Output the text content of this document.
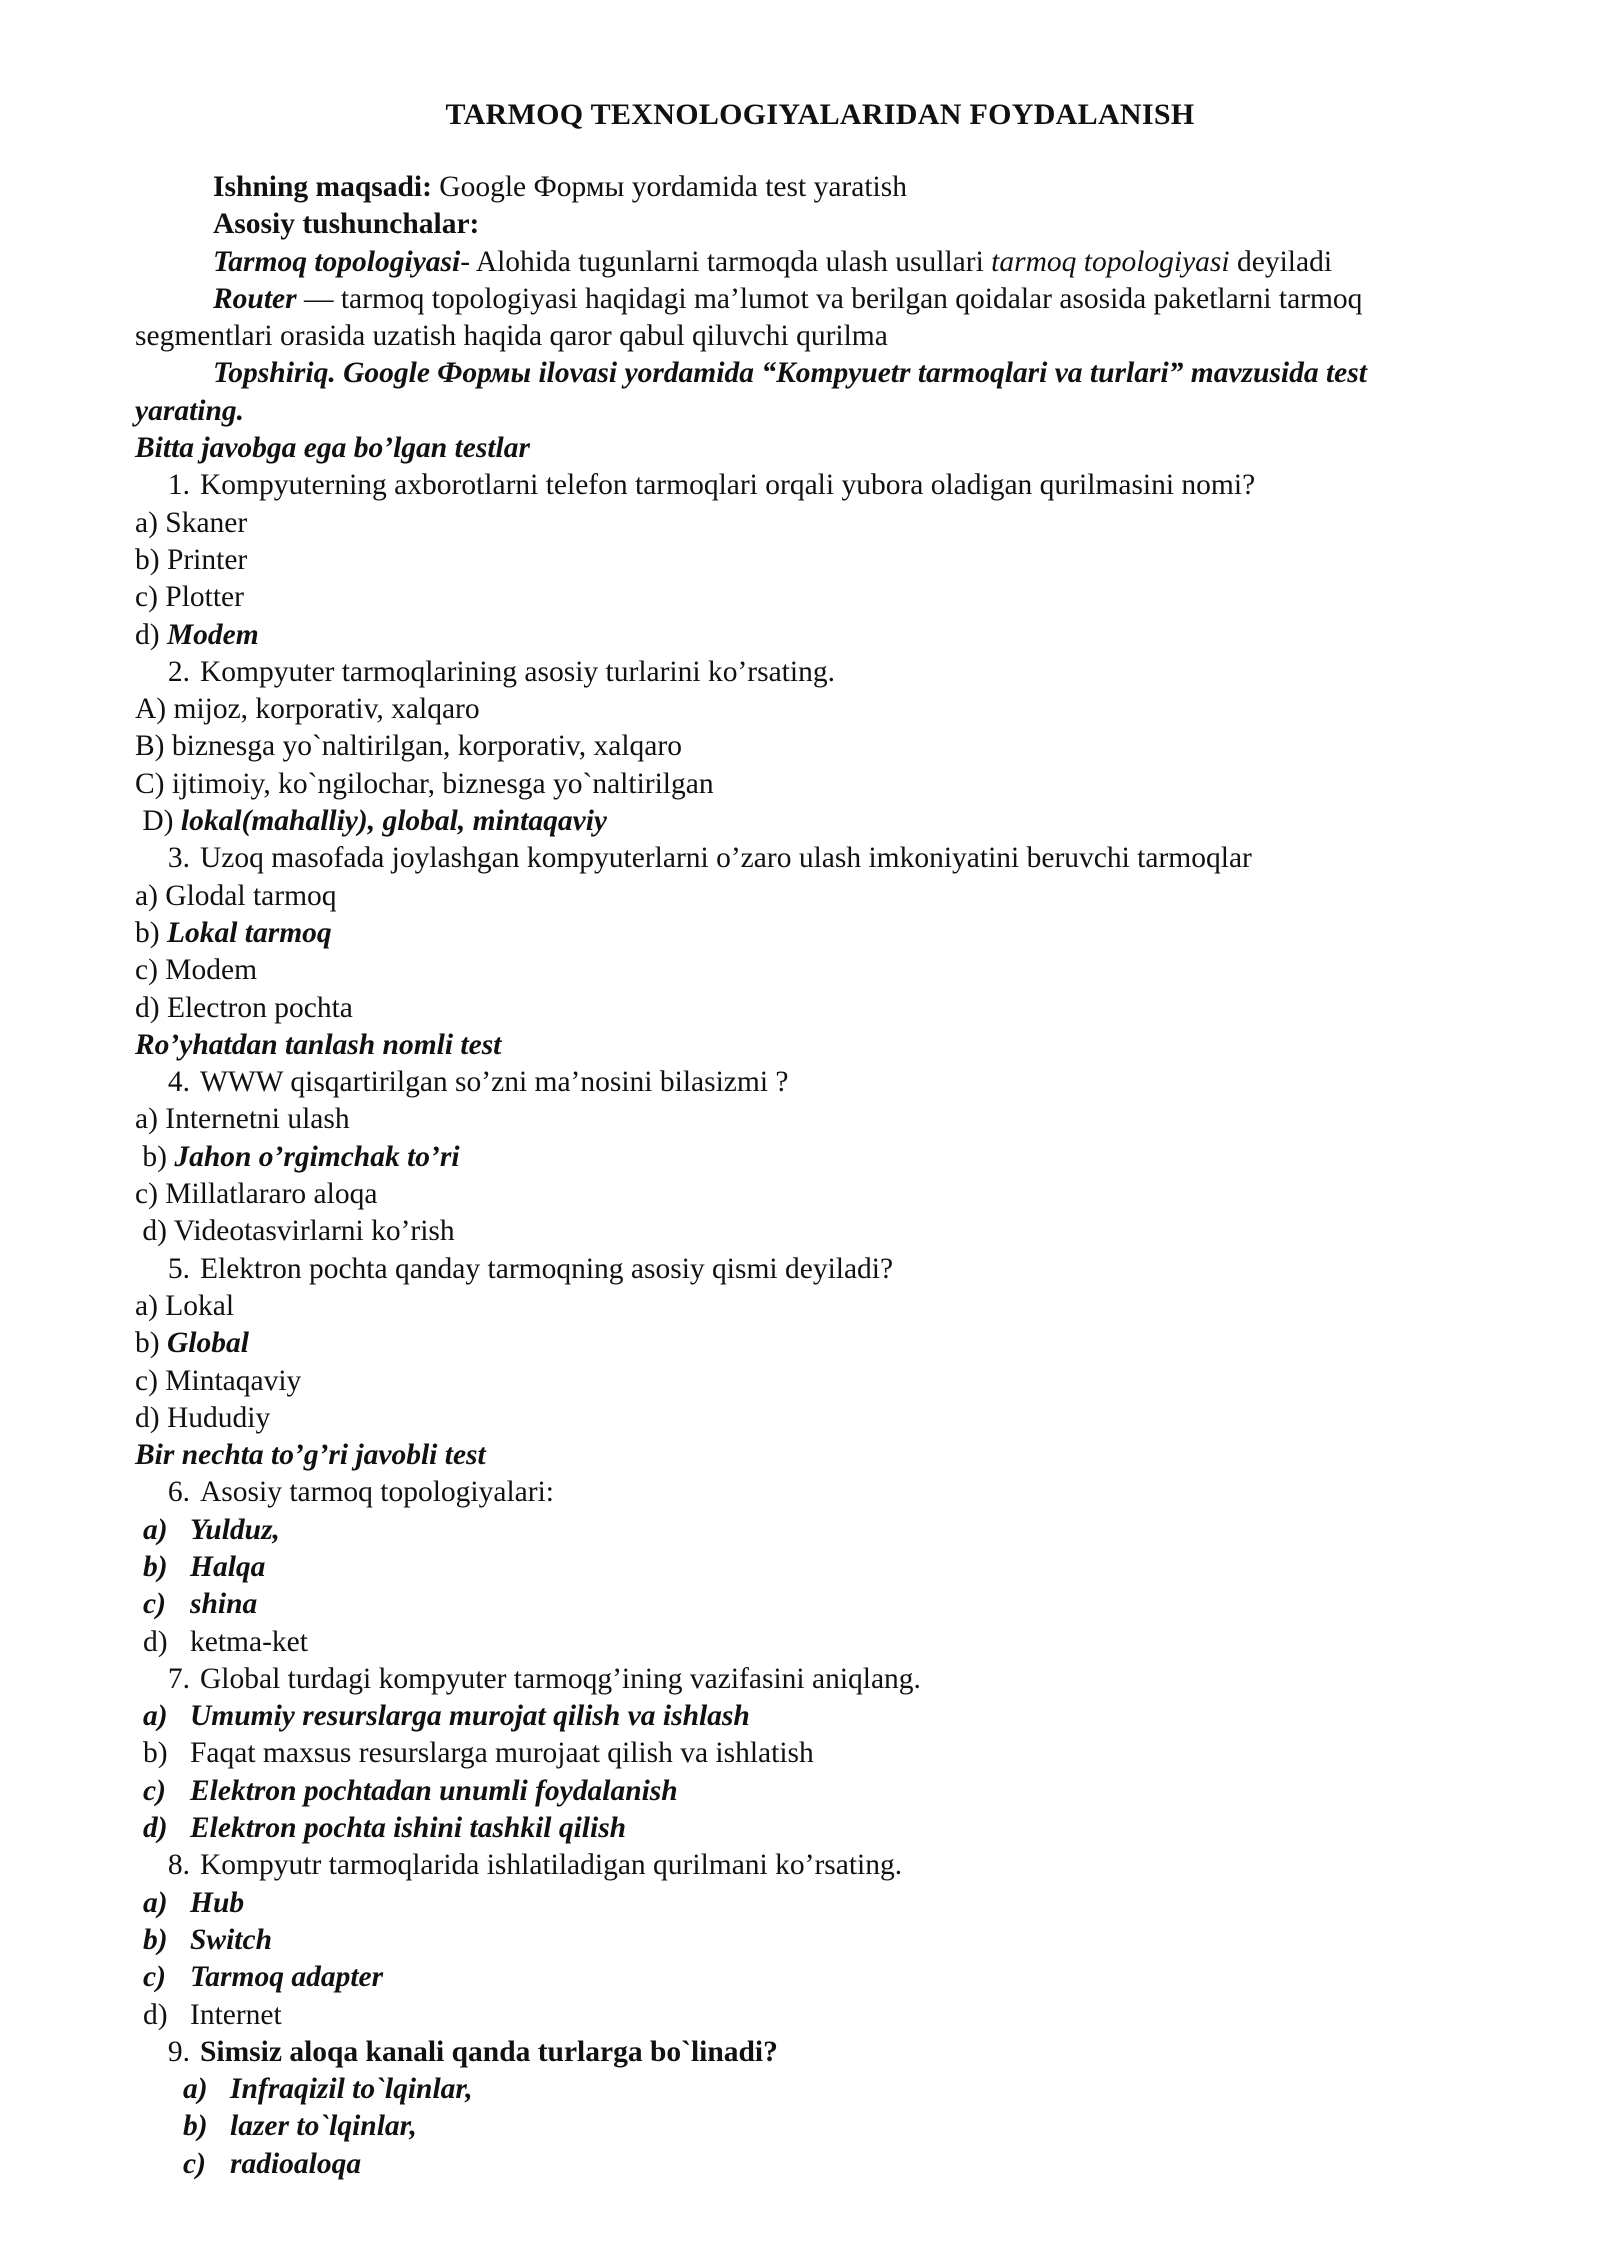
TARMOQ TEXNOLOGIYALARIDAN FOYDALANISH
Ishning maqsadi: Google Формы yordamida test yaratish
Asosiy tushunchalar:
Tarmoq topologiyasi- Alohida tugunlarni tarmoqda ulash usullari tarmoq topologiyasi deyiladi
Router — tarmoq topologiyasi haqidagi ma’lumot va berilgan qoidalar asosida paketlarni tarmoq
segmentlari orasida uzatish haqida qaror qabul qiluvchi qurilma
Topshiriq. Google Формы ilovasi yordamida “Kompyuetr tarmoqlari va turlari” mavzusida test
yarating.
Bitta javobga ega bo’lgan testlar
1. Kompyuterning axborotlarni telefon tarmoqlari orqali yubora oladigan qurilmasini nomi?
a) Skaner
b) Printer
c) Plotter
d) Modem
2. Kompyuter tarmoqlarining asosiy turlarini ko’rsating.
A) mijoz, korporativ, xalqaro
B) biznesga yo`naltirilgan, korporativ, xalqaro
C) ijtimoiy, ko`ngilochar, biznesga yo`naltirilgan
D) lokal(mahalliy), global, mintaqaviy
3. Uzoq masofada joylashgan kompyuterlarni o’zaro ulash imkoniyatini beruvchi tarmoqlar
a) Glodal tarmoq
b) Lokal tarmoq
c) Modem
d) Electron pochta
Ro’yhatdan tanlash nomli test
4. WWW qisqartirilgan so’zni ma’nosini bilasizmi ?
a) Internetni ulash
b) Jahon o’rgimchak to’ri
c) Millatlararo aloqa
d) Videotasvirlarni ko’rish
5. Elektron pochta qanday tarmoqning asosiy qismi deyiladi?
a) Lokal
b) Global
c) Mintaqaviy
d) Hududiy
Bir nechta to’g’ri javobli test
6. Asosiy tarmoq topologiyalari:
a) Yulduz,
b) Halqa
c) shina
d) ketma-ket
7. Global turdagi kompyuter tarmoqg’ining vazifasini aniqlang.
a) Umumiy resurslarga murojat qilish va ishlash
b) Faqat maxsus resurslarga murojaat qilish va ishlatish
c) Elektron pochtadan unumli foydalanish
d) Elektron pochta ishini tashkil qilish
8. Kompyutr tarmoqlarida ishlatiladigan qurilmani ko’rsating.
a) Hub
b) Switch
c) Tarmoq adapter
d) Internet
9. Simsiz aloqa kanali qanda turlarga bo`linadi?
a) Infraqizil to`lqinlar,
b) lazer to`lqinlar,
c) radioaloqa
